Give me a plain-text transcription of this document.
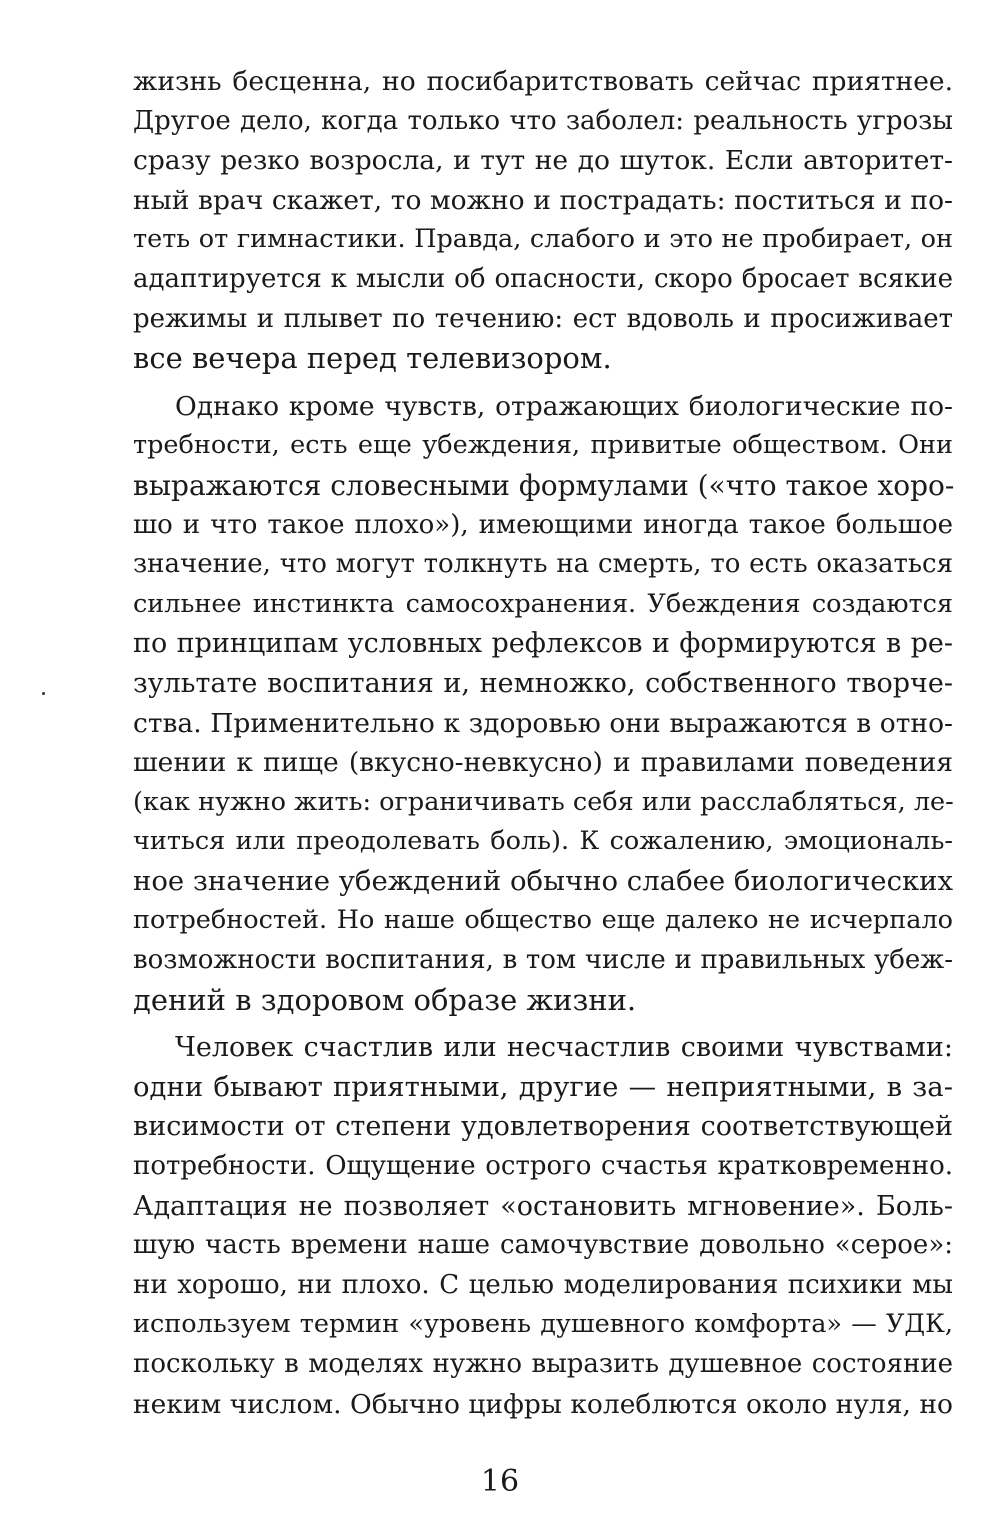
жизнь бесценна, но посибаритствовать сейчас приятнее.
Другое дело, когда только что заболел: реальность угрозы
сразу резко возросла, и тут не до шуток. Если авторитет-
ный врач скажет, то можно и пострадать: поститься и по-
теть от гимнастики. Правда, слабого и это не пробирает, он
адаптируется к мысли об опасности, скоро бросает всякие
режимы и плывет по течению: ест вдоволь и просиживает
все вечера перед телевизором.
Однако кроме чувств, отражающих биологические по-
требности, есть еще убеждения, привитые обществом. Они
выражаются словесными формулами («что такое хоро-
шо и что такое плохо»), имеющими иногда такое большое
значение, что могут толкнуть на смерть, то есть оказаться
сильнее инстинкта самосохранения. Убеждения создаются
по принципам условных рефлексов и формируются в ре-
зультате воспитания и, немножко, собственного творче-
ства. Применительно к здоровью они выражаются в отно-
шении к пище (вкусно-невкусно) и правилами поведения
(как нужно жить: ограничивать себя или расслабляться, ле-
читься или преодолевать боль). К сожалению, эмоциональ-
ное значение убеждений обычно слабее биологических
потребностей. Но наше общество еще далеко не исчерпало
возможности воспитания, в том числе и правильных убеж-
дений в здоровом образе жизни.
Человек счастлив или несчастлив своими чувствами:
одни бывают приятными, другие — неприятными, в за-
висимости от степени удовлетворения соответствующей
потребности. Ощущение острого счастья кратковременно.
Адаптация не позволяет «остановить мгновение». Боль-
шую часть времени наше самочувствие довольно «серое»:
ни хорошо, ни плохо. С целью моделирования психики мы
используем термин «уровень душевного комфорта» — УДК,
поскольку в моделях нужно выразить душевное состояние
неким числом. Обычно цифры колеблются около нуля, но
16
